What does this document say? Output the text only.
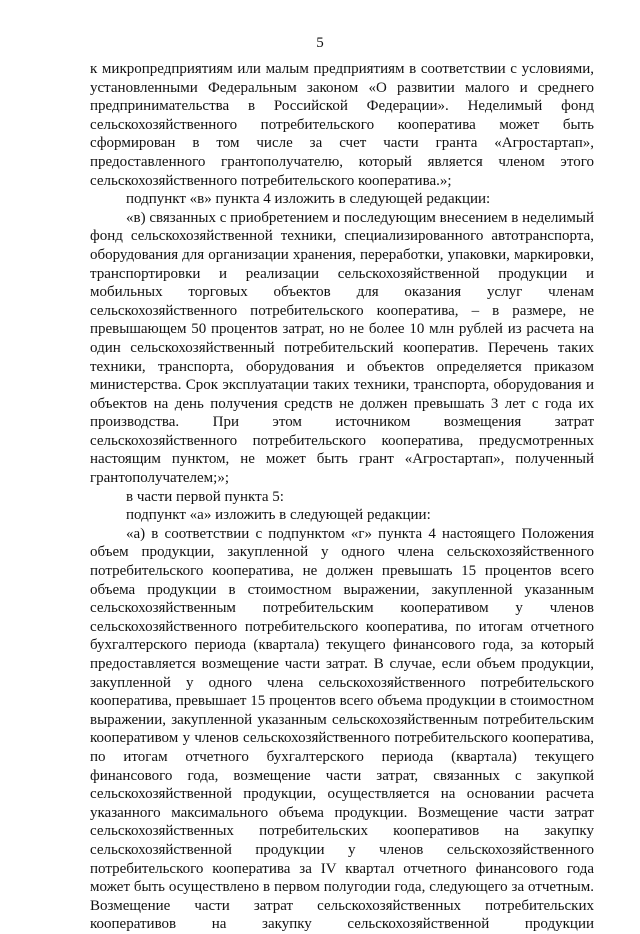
5

к микропредприятиям или малым предприятиям в соответствии с условиями, установленными Федеральным законом «О развитии малого и среднего предпринимательства в Российской Федерации». Неделимый фонд сельскохозяйственного потребительского кооператива может быть сформирован в том числе за счет части гранта «Агростартап», предоставленного грантополучателю, который является членом этого сельскохозяйственного потребительского кооператива.»;

подпункт «в» пункта 4 изложить в следующей редакции:

«в) связанных с приобретением и последующим внесением в неделимый фонд сельскохозяйственной техники, специализированного автотранспорта, оборудования для организации хранения, переработки, упаковки, маркировки, транспортировки и реализации сельскохозяйственной продукции и мобильных торговых объектов для оказания услуг членам сельскохозяйственного потребительского кооператива, – в размере, не превышающем 50 процентов затрат, но не более 10 млн рублей из расчета на один сельскохозяйственный потребительский кооператив. Перечень таких техники, транспорта, оборудования и объектов определяется приказом министерства. Срок эксплуатации таких техники, транспорта, оборудования и объектов на день получения средств не должен превышать 3 лет с года их производства. При этом источником возмещения затрат сельскохозяйственного потребительского кооператива, предусмотренных настоящим пунктом, не может быть грант «Агростартап», полученный грантополучателем;»;

в части первой пункта 5:

подпункт «а» изложить в следующей редакции:

«а) в соответствии с подпунктом «г» пункта 4 настоящего Положения объем продукции, закупленной у одного члена сельскохозяйственного потребительского кооператива, не должен превышать 15 процентов всего объема продукции в стоимостном выражении, закупленной указанным сельскохозяйственным потребительским кооперативом у членов сельскохозяйственного потребительского кооператива, по итогам отчетного бухгалтерского периода (квартала) текущего финансового года, за который предоставляется возмещение части затрат. В случае, если объем продукции, закупленной у одного члена сельскохозяйственного потребительского кооператива, превышает 15 процентов всего объема продукции в стоимостном выражении, закупленной указанным сельскохозяйственным потребительским кооперативом у членов сельскохозяйственного потребительского кооператива, по итогам отчетного бухгалтерского периода (квартала) текущего финансового года, возмещение части затрат, связанных с закупкой сельскохозяйственной продукции, осуществляется на основании расчета указанного максимального объема продукции. Возмещение части затрат сельскохозяйственных потребительских кооперативов на закупку сельскохозяйственной продукции у членов сельскохозяйственного потребительского кооператива за IV квартал отчетного финансового года может быть осуществлено в первом полугодии года, следующего за отчетным. Возмещение части затрат сельскохозяйственных потребительских кооперативов на закупку сельскохозяйственной продукции
